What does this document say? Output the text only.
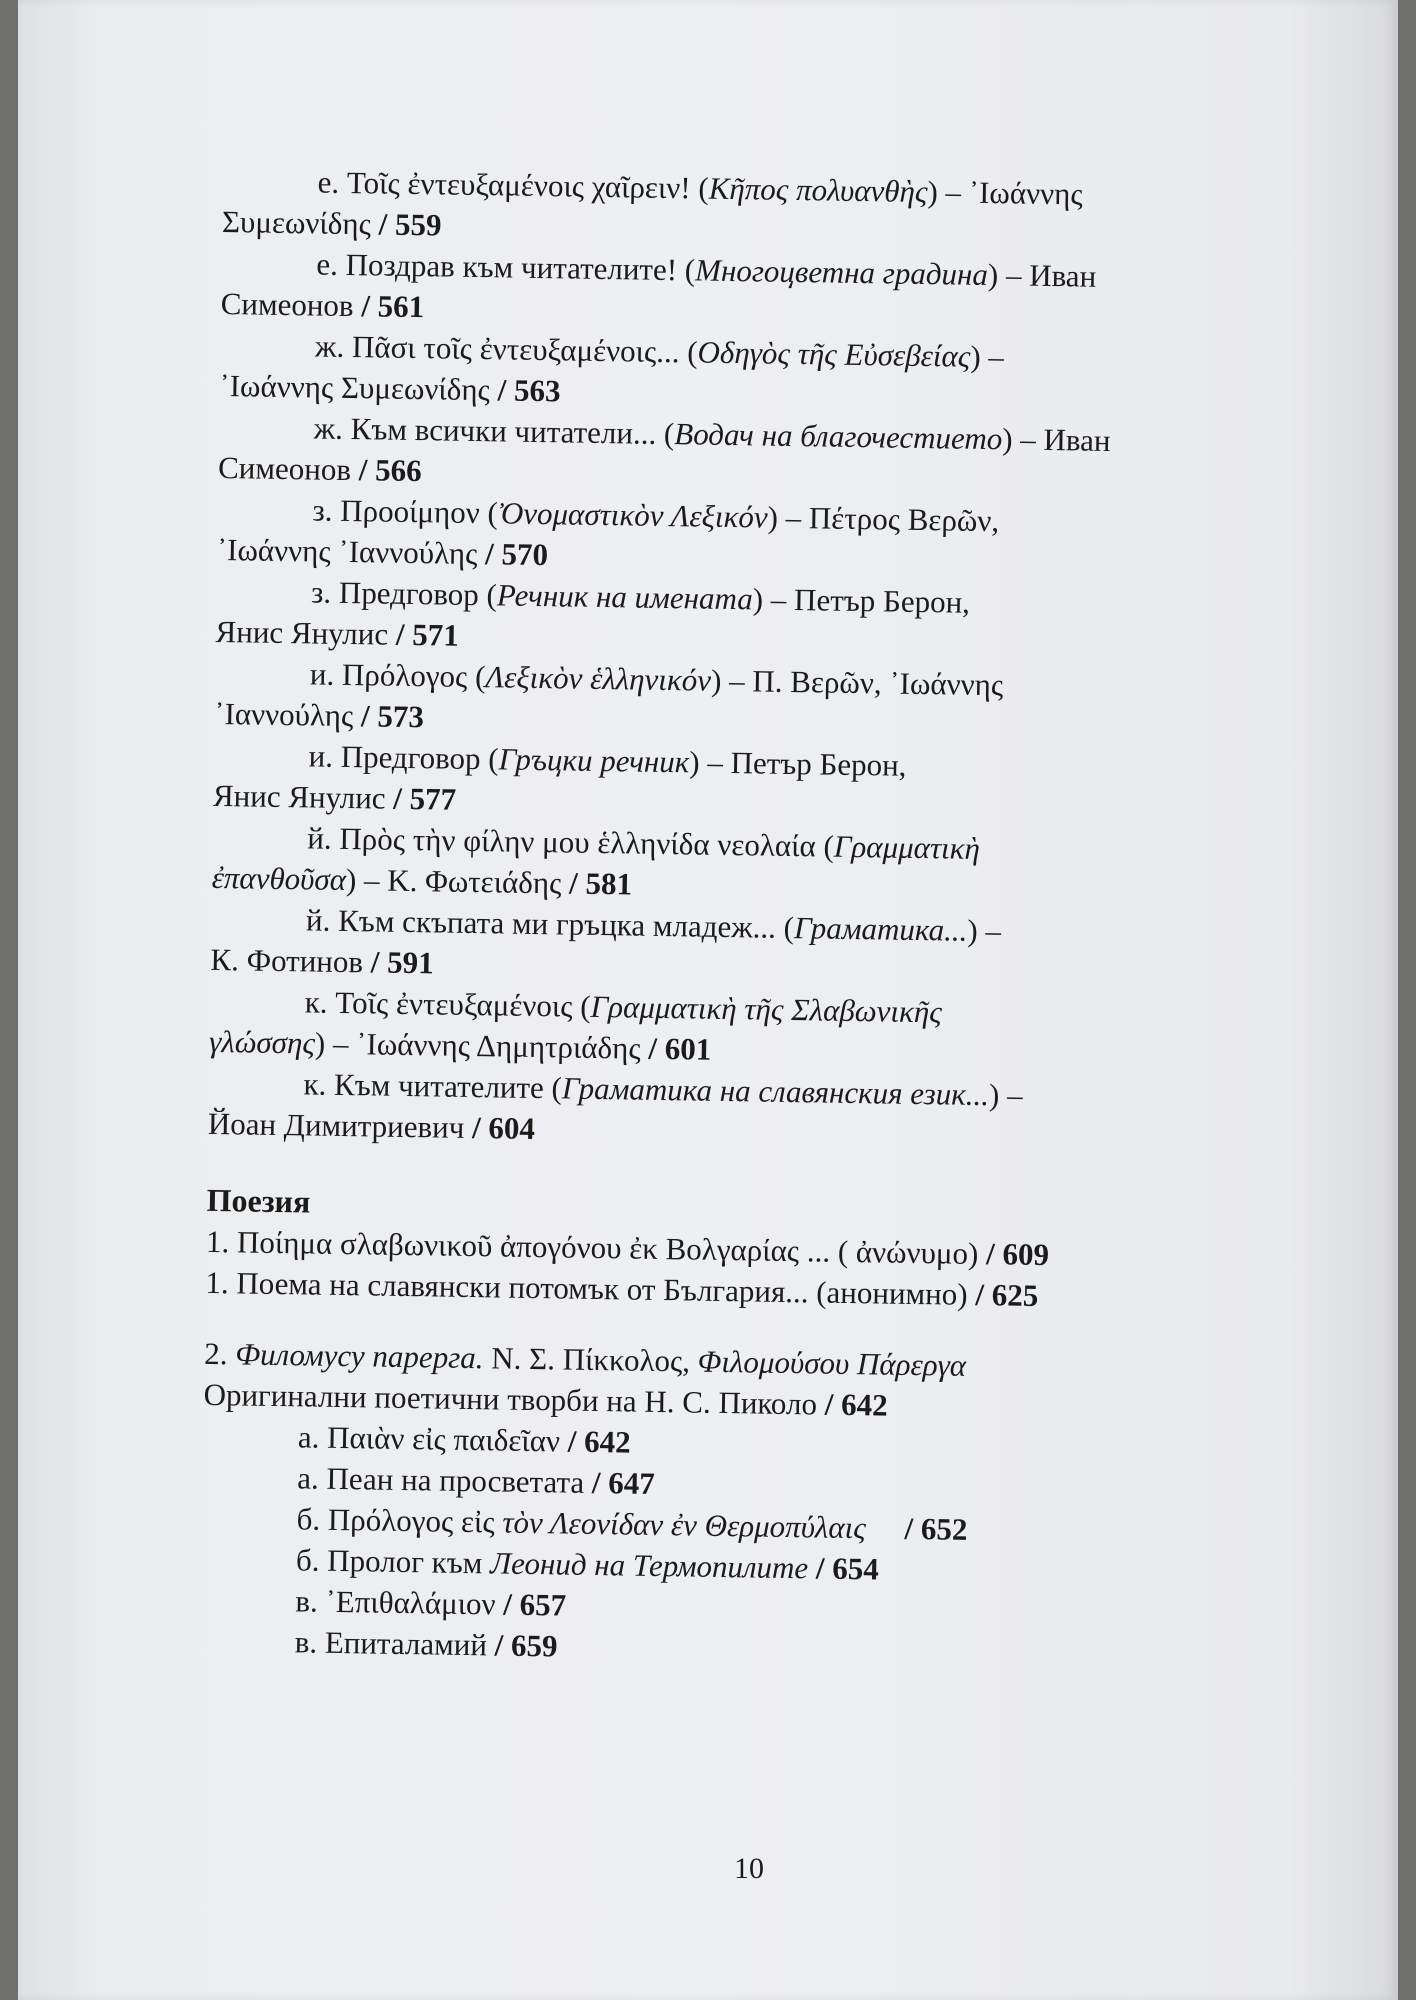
е. Τοῖς ἐντευξαμένοις χαῖρειν! (Κῆπος πολυανθὴς) – ᾿Ιωάννης
Συμεωνίδης / 559
е. Поздрав към читателите! (Многоцветна градина) – Иван
Симеонов / 561
ж. Πᾶσι τοῖς ἐντευξαμένοις... (Οδηγὸς τῆς Εὐσεβείας) –
᾿Ιωάννης Συμεωνίδης / 563
ж. Към всички читатели... (Водач на благочестието) – Иван
Симеонов / 566
з. Προοίμηον (Ὀνομαστικὸν Λεξικόν) – Πέτρος Βερῶν,
᾿Ιωάννης ᾿Ιαννούλης / 570
з. Предговор (Речник на имената) – Петър Берон,
Янис Янулис / 571
и. Πρόλογος (Λεξικὸν ἑλληνικόν) – Π. Βερῶν, ᾿Ιωάννης
᾿Ιαννούλης / 573
и. Предговор (Гръцки речник) – Петър Берон,
Янис Янулис / 577
й. Πρὸς τὴν φίλην μου ἑλληνίδα νεολαία (Γραμματικὴ
ἐπανθοῦσα) – Κ. Φωτειάδης / 581
й. Към скъпата ми гръцка младеж... (Граматика...) –
К. Фотинов / 591
к. Τοῖς ἐντευξαμένοις (Γραμματικὴ τῆς Σλαβωνικῆς
γλώσσης) – ᾿Ιωάννης Δημητριάδης / 601
к. Към читателите (Граматика на славянския език...) –
Йоан Димитриевич / 604
Поезия
1. Ποίημα σλαβωνικοῦ ἀπογόνου ἐκ Βολγαρίας ... ( ἀνώνυμο) / 609
1. Поема на славянски потомък от България... (анонимно) / 625
2. Филомусу парерга. Ν. Σ. Πίκκολος, Φιλομούσου Πάρεργα
Оригинални поетични творби на Н. С. Пиколо / 642
а. Παιὰν εἰς παιδεῖαν / 642
а. Пеан на просветата / 647
б. Πρόλογος εἰς τὸν Λεονίδαν ἐν Θερμοπύλαις / 652
б. Пролог към Леонид на Термопилите / 654
в. ᾿Επιθαλάμιον / 657
в. Епиталамий / 659
10
